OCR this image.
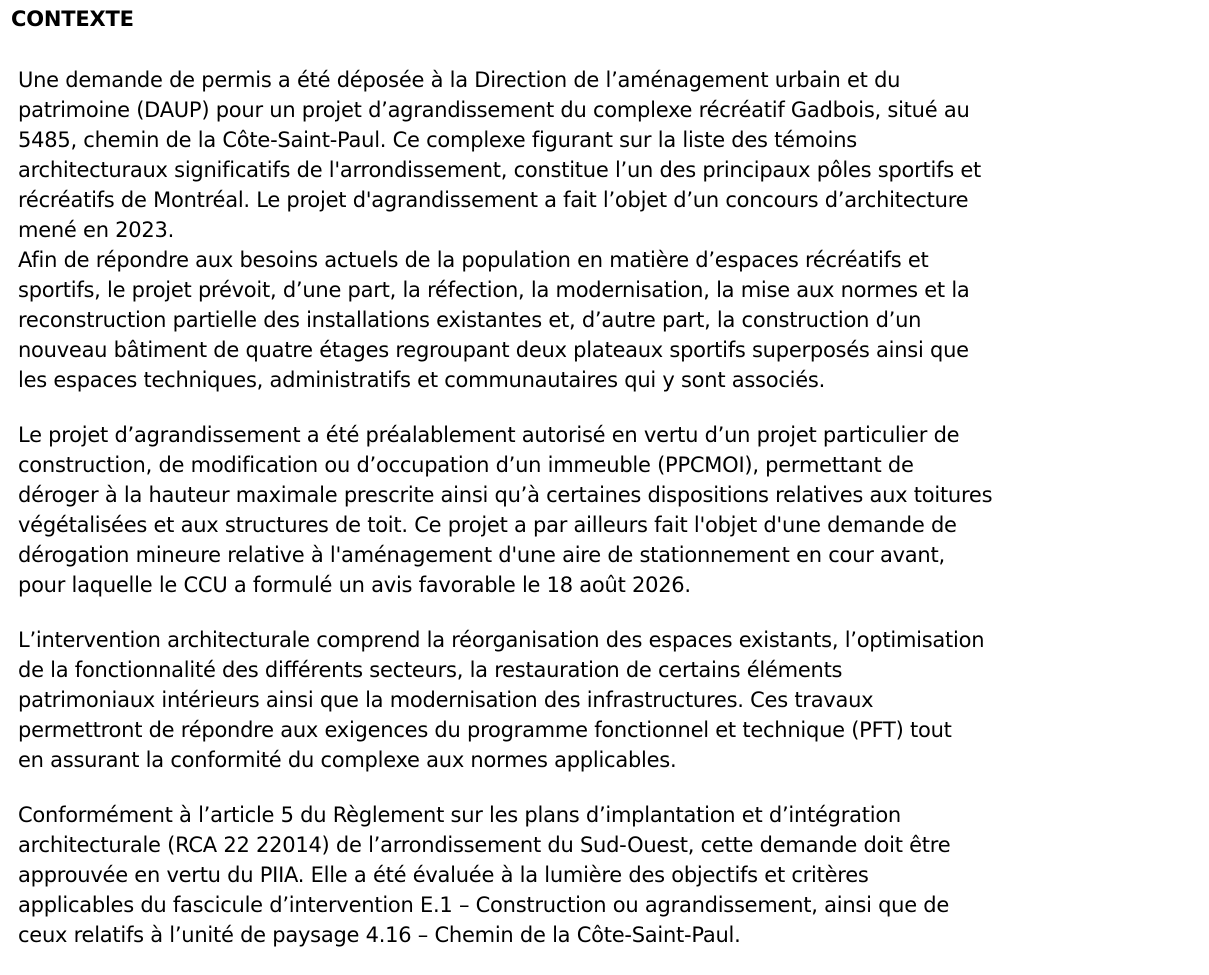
CONTEXTE

Une demande de permis a été déposée à la Direction de l’aménagement urbain et du
patrimoine (DAUP) pour un projet d’agrandissement du complexe récréatif Gadbois, situé au
5485, chemin de la Côte-Saint-Paul. Ce complexe figurant sur la liste des témoins
architecturaux significatifs de l'arrondissement, constitue l’un des principaux pôles sportifs et
récréatifs de Montréal. Le projet d'agrandissement a fait l’objet d’un concours d’architecture
mené en 2023.

Afin de répondre aux besoins actuels de la population en matière d’espaces récréatifs et
sportifs, le projet prévoit, d’une part, la réfection, la modernisation, la mise aux normes et la
reconstruction partielle des installations existantes et, d’autre part, la construction d’un
nouveau bâtiment de quatre étages regroupant deux plateaux sportifs superposés ainsi que
les espaces techniques, administratifs et communautaires qui y sont associés.

Le projet d’agrandissement a été préalablement autorisé en vertu d’un projet particulier de
construction, de modification ou d’occupation d’un immeuble (PPCMOI), permettant de
déroger à la hauteur maximale prescrite ainsi qu’à certaines dispositions relatives aux toitures
végétalisées et aux structures de toit. Ce projet a par ailleurs fait l'objet d'une demande de
dérogation mineure relative à l'aménagement d'une aire de stationnement en cour avant,
pour laquelle le CCU a formulé un avis favorable le 18 août 2026.

L’intervention architecturale comprend la réorganisation des espaces existants, l’optimisation
de la fonctionnalité des différents secteurs, la restauration de certains éléments
patrimoniaux intérieurs ainsi que la modernisation des infrastructures. Ces travaux
permettront de répondre aux exigences du programme fonctionnel et technique (PFT) tout
en assurant la conformité du complexe aux normes applicables.

Conformément à l’article 5 du Règlement sur les plans d’implantation et d’intégration
architecturale (RCA 22 22014) de l’arrondissement du Sud-Ouest, cette demande doit être
approuvée en vertu du PIIA. Elle a été évaluée à la lumière des objectifs et critères
applicables du fascicule d’intervention E.1 – Construction ou agrandissement, ainsi que de
ceux relatifs à l’unité de paysage 4.16 – Chemin de la Côte-Saint-Paul.
